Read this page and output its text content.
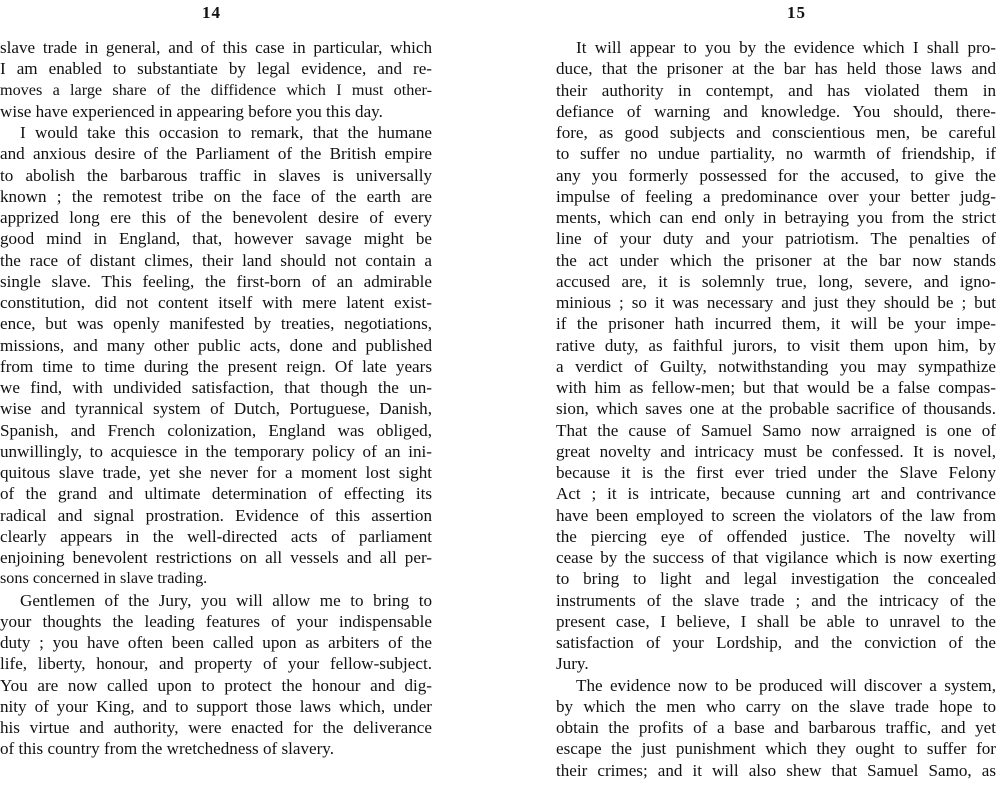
14
slave trade in general, and of this case in particular, which
I am enabled to substantiate by legal evidence, and re-
moves a large share of the diffidence which I must other-
wise have experienced in appearing before you this day.
I would take this occasion to remark, that the humane
and anxious desire of the Parliament of the British empire
to abolish the barbarous traffic in slaves is universally
known ; the remotest tribe on the face of the earth are
apprized long ere this of the benevolent desire of every
good mind in England, that, however savage might be
the race of distant climes, their land should not contain a
single slave. This feeling, the first-born of an admirable
constitution, did not content itself with mere latent exist-
ence, but was openly manifested by treaties, negotiations,
missions, and many other public acts, done and published
from time to time during the present reign. Of late years
we find, with undivided satisfaction, that though the un-
wise and tyrannical system of Dutch, Portuguese, Danish,
Spanish, and French colonization, England was obliged,
unwillingly, to acquiesce in the temporary policy of an ini-
quitous slave trade, yet she never for a moment lost sight
of the grand and ultimate determination of effecting its
radical and signal prostration. Evidence of this assertion
clearly appears in the well-directed acts of parliament
enjoining benevolent restrictions on all vessels and all per-
sons concerned in slave trading.
Gentlemen of the Jury, you will allow me to bring to
your thoughts the leading features of your indispensable
duty ; you have often been called upon as arbiters of the
life, liberty, honour, and property of your fellow-subject.
You are now called upon to protect the honour and dig-
nity of your King, and to support those laws which, under
his virtue and authority, were enacted for the deliverance
of this country from the wretchedness of slavery.
15
It will appear to you by the evidence which I shall pro-
duce, that the prisoner at the bar has held those laws and
their authority in contempt, and has violated them in
defiance of warning and knowledge. You should, there-
fore, as good subjects and conscientious men, be careful
to suffer no undue partiality, no warmth of friendship, if
any you formerly possessed for the accused, to give the
impulse of feeling a predominance over your better judg-
ments, which can end only in betraying you from the strict
line of your duty and your patriotism. The penalties of
the act under which the prisoner at the bar now stands
accused are, it is solemnly true, long, severe, and igno-
minious ; so it was necessary and just they should be ; but
if the prisoner hath incurred them, it will be your impe-
rative duty, as faithful jurors, to visit them upon him, by
a verdict of Guilty, notwithstanding you may sympathize
with him as fellow-men; but that would be a false compas-
sion, which saves one at the probable sacrifice of thousands.
That the cause of Samuel Samo now arraigned is one of
great novelty and intricacy must be confessed. It is novel,
because it is the first ever tried under the Slave Felony
Act ; it is intricate, because cunning art and contrivance
have been employed to screen the violators of the law from
the piercing eye of offended justice. The novelty will
cease by the success of that vigilance which is now exerting
to bring to light and legal investigation the concealed
instruments of the slave trade ; and the intricacy of the
present case, I believe, I shall be able to unravel to the
satisfaction of your Lordship, and the conviction of the
Jury.
The evidence now to be produced will discover a system,
by which the men who carry on the slave trade hope to
obtain the profits of a base and barbarous traffic, and yet
escape the just punishment which they ought to suffer for
their crimes; and it will also shew that Samuel Samo, as
